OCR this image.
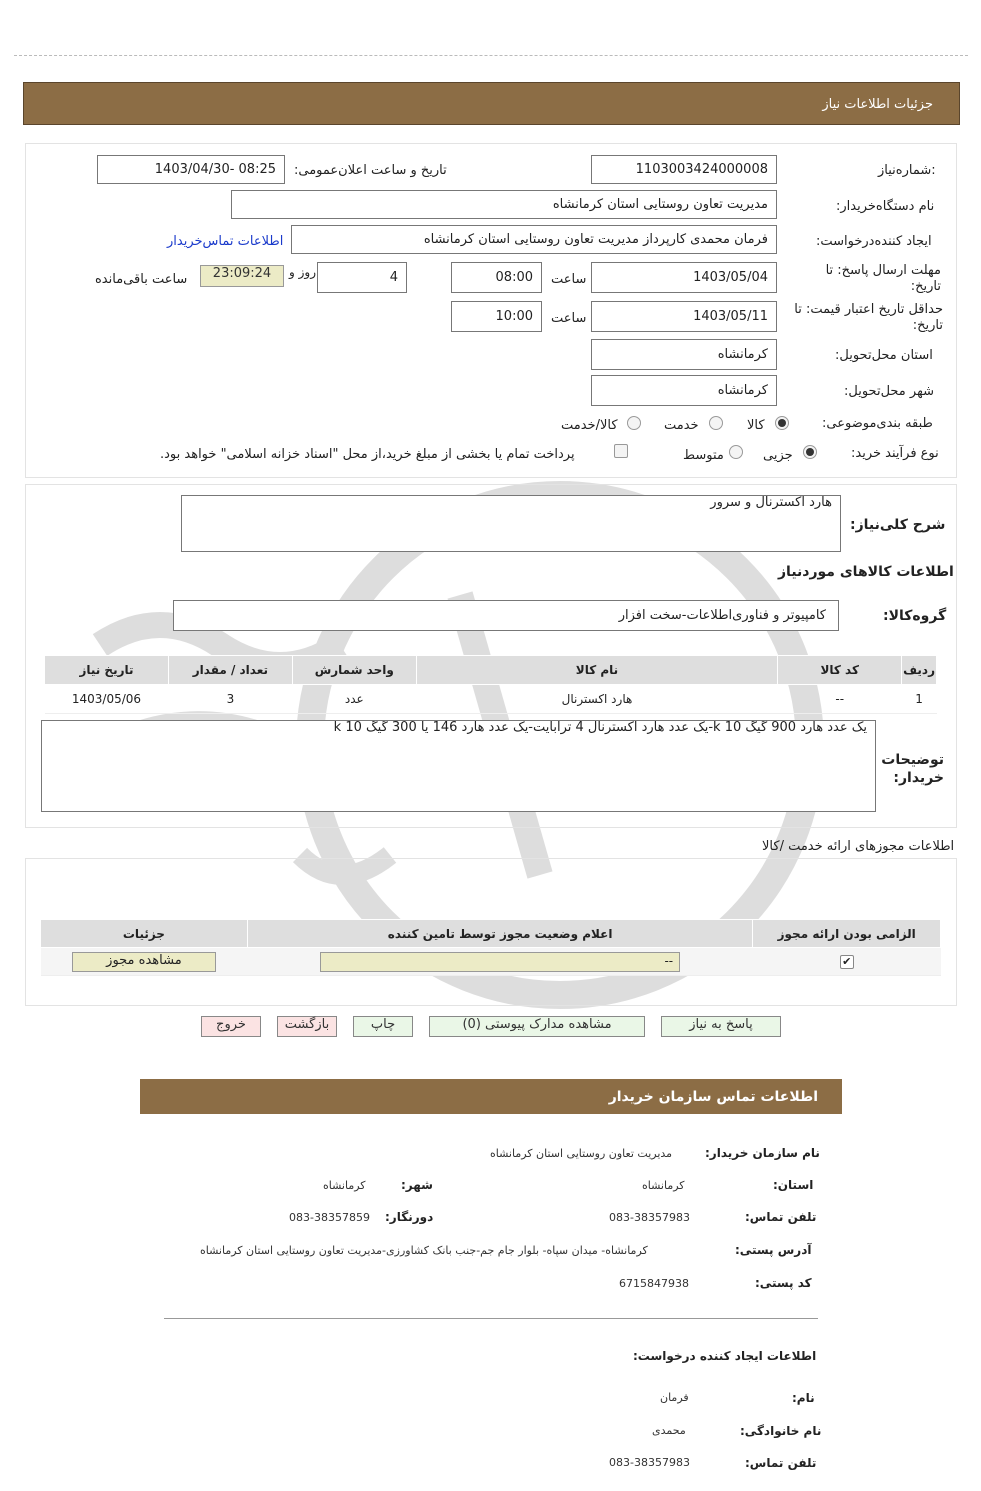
جزئیات اطلاعات نیاز
شماره‌نیاز:
1103003424000008
تاریخ و ساعت اعلان‌عمومی:
1403/04/30- 08:25
نام دستگاه‌خریدار:
مدیریت تعاون روستایی استان کرمانشاه
ایجاد کننده‌درخواست:
فرمان محمدی کارپرداز مدیریت تعاون روستایی استان کرمانشاه
اطلاعات تماس‌خریدار
مهلت ارسال پاسخ: تا تاریخ:
1403/05/04
ساعت
08:00
4
روز و
23:09:24
ساعت باقی‌مانده
حداقل تاریخ اعتبار قیمت: تا تاریخ:
1403/05/11
ساعت
10:00
استان محل‌تحویل:
کرمانشاه
شهر محل‌تحویل:
کرمانشاه
طبقه بندی‌موضوعی:
کالا
خدمت
کالا/خدمت
نوع فرآیند خرید:
جزیی
متوسط
پرداخت تمام یا بخشی از مبلغ خرید،از محل "اسناد خزانه اسلامی" خواهد بود.
شرح کلی‌نیاز:
هارد اکسترنال و سرور
اطلاعات کالاهای مورد‌نیاز
گروه‌کالا:
کامپیوتر و فناوری‌اطلاعات-سخت افزار
ردیف	کد کالا	نام کالا	واحد شمارش	تعداد / مقدار	تاریخ نیاز
1	--	هارد اکسترنال	عدد	3	1403/05/06
توضیحات خریدار:
یک عدد هارد 900 گیگ 10 k-یک عدد هارد اکسترنال 4 ترابایت-یک عدد هارد 146 یا 300 گیگ 10 k
اطلاعات مجوزهای ارائه خدمت /کالا
الزامی بودن ارائه مجوز	اعلام وضعیت مجوز توسط تامین کننده	جزئیات
✔	--	مشاهده مجوز
پاسخ به نیاز
مشاهده مدارک پیوستی (0)
چاپ
بازگشت
خروج
اطلاعات تماس سازمان خریدار
نام سازمان خریدار:
مدیریت تعاون روستایی استان کرمانشاه
استان:
کرمانشاه
شهر:
کرمانشاه
تلفن تماس:
083-38357983
دورنگار:
083-38357859
آدرس پستی:
کرمانشاه- میدان سپاه- بلوار جام جم-جنب بانک کشاورزی-مدیریت تعاون روستایی استان کرمانشاه
کد پستی:
6715847938
اطلاعات ایجاد کننده درخواست:
نام:
فرمان
نام خانوادگی:
محمدی
تلفن تماس:
083-38357983
